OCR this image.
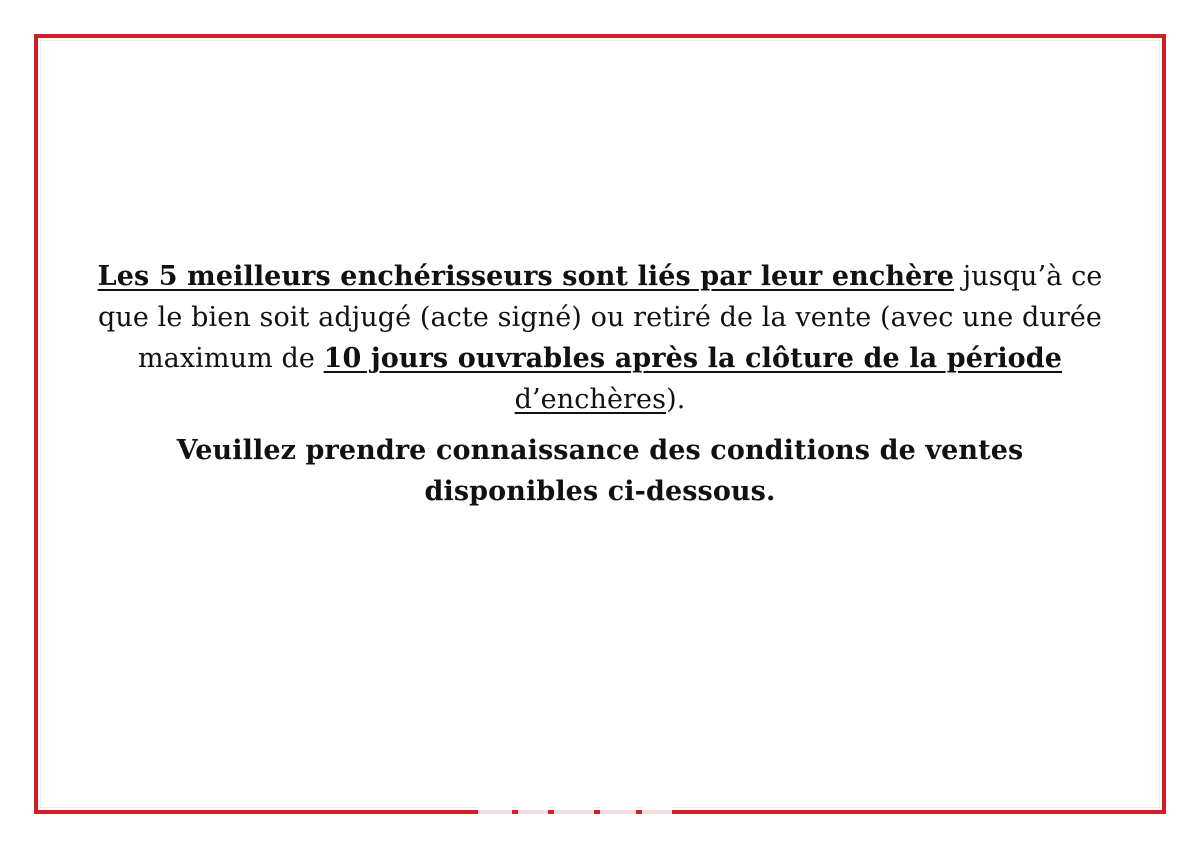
Les 5 meilleurs enchérisseurs sont liés par leur enchère jusqu’à ce que le bien soit adjugé (acte signé) ou retiré de la vente (avec une durée maximum de 10 jours ouvrables après la clôture de la période
d’enchères).

Veuillez prendre connaissance des conditions de ventes disponibles ci-dessous.
